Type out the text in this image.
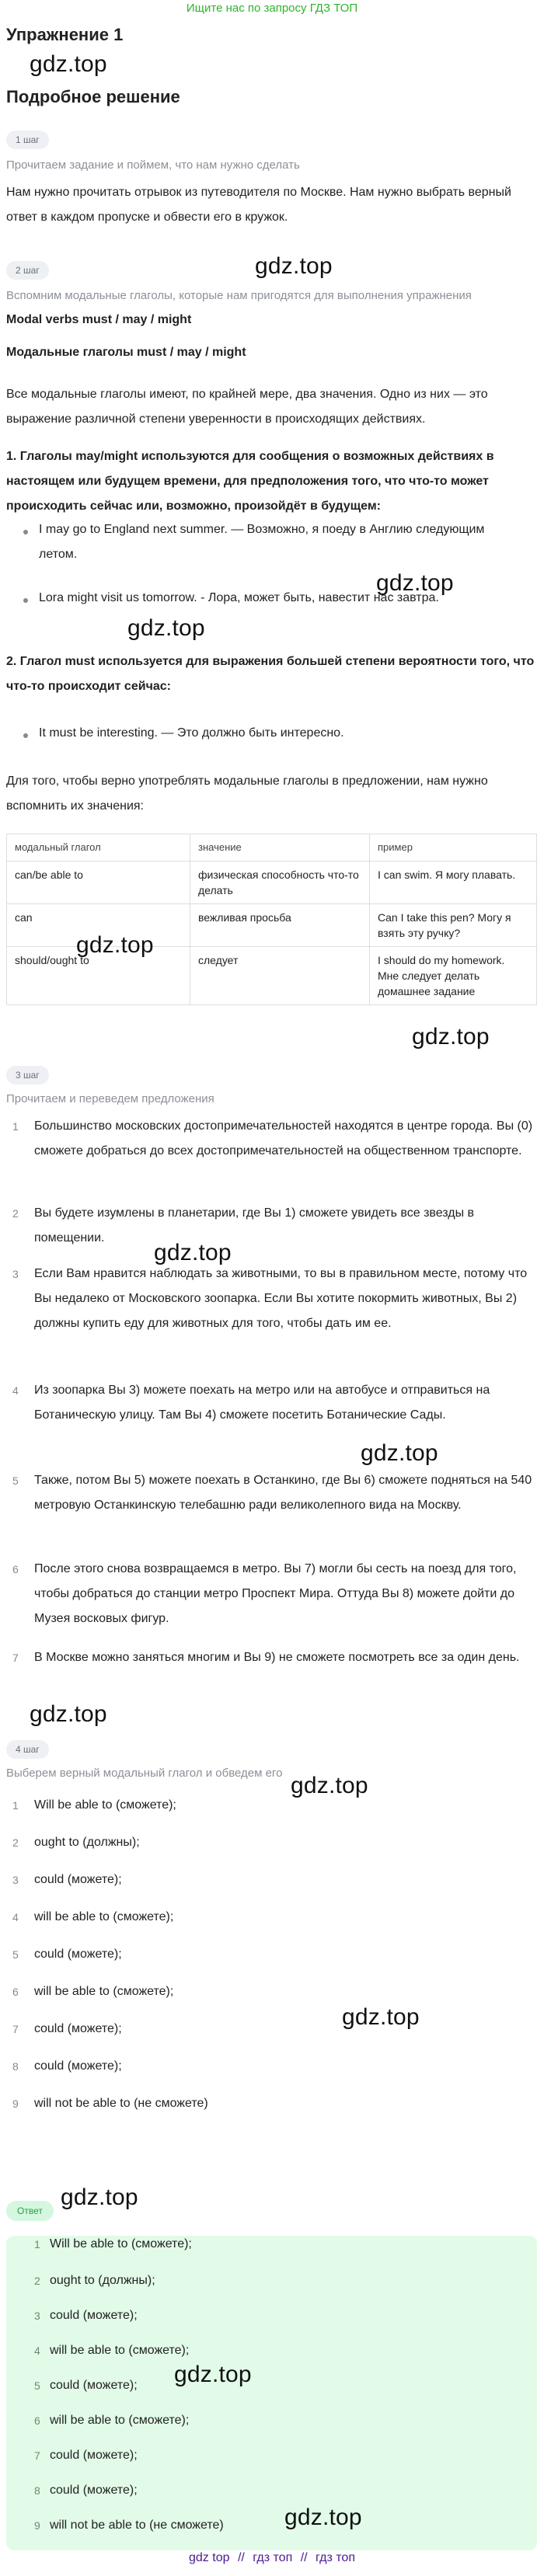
Ищите нас по запросу ГДЗ ТОП
Упражнение 1
gdz.top
Подробное решение
1 шаг
Прочитаем задание и поймем, что нам нужно сделать
Нам нужно прочитать отрывок из путеводителя по Москве. Нам нужно выбрать верный ответ в каждом пропуске и обвести его в кружок.
2 шаг	gdz.top
Вспомним модальные глаголы, которые нам пригодятся для выполнения упражнения
Modal verbs must / may / might
Модальные глаголы must / may / might
Все модальные глаголы имеют, по крайней мере, два значения. Одно из них — это выражение различной степени уверенности в происходящих действиях.
1. Глаголы may/might используются для сообщения о возможных действиях в настоящем или будущем времени, для предположения того, что что-то может происходить сейчас или, возможно, произойдёт в будущем:
I may go to England next summer. — Возможно, я поеду в Англию следующим летом.
gdz.top
Lora might visit us tomorrow. - Лора, может быть, навестит нас завтра.
gdz.top
2. Глагол must используется для выражения большей степени вероятности того, что что-то происходит сейчас:
It must be interesting. — Это должно быть интересно.
Для того, чтобы верно употреблять модальные глаголы в предложении, нам нужно вспомнить их значения:
модальный глагол	значение	пример
can/be able to	физическая способность что-то делать	I can swim. Я могу плавать.
can	вежливая просьба	Can I take this pen? Могу я взять эту ручку?
should/ought to	следует	I should do my homework. Мне следует делать домашнее задание
gdz.top
gdz.top
3 шаг
Прочитаем и переведем предложения
1 Большинство московских достопримечательностей находятся в центре города. Вы (0) сможете добраться до всех достопримечательностей на общественном транспорте.
2 Вы будете изумлены в планетарии, где Вы 1) сможете увидеть все звезды в помещении.
gdz.top
3 Если Вам нравится наблюдать за животными, то вы в правильном месте, потому что Вы недалеко от Московского зоопарка. Если Вы хотите покормить животных, Вы 2) должны купить еду для животных для того, чтобы дать им ее.
4 Из зоопарка Вы 3) можете поехать на метро или на автобусе и отправиться на Ботаническую улицу. Там Вы 4) сможете посетить Ботанические Сады.
gdz.top
5 Также, потом Вы 5) можете поехать в Останкино, где Вы 6) сможете подняться на 540 метровую Останкинскую телебашню ради великолепного вида на Москву.
6 После этого снова возвращаемся в метро. Вы 7) могли бы сесть на поезд для того, чтобы добраться до станции метро Проспект Мира. Оттуда Вы 8) можете дойти до Музея восковых фигур.
7 В Москве можно заняться многим и Вы 9) не сможете посмотреть все за один день.
gdz.top
4 шаг
Выберем верный модальный глагол и обведем его gdz.top
1 Will be able to (сможете);
2 ought to (должны);
3 could (можете);
4 will be able to (сможете);
5 could (можете);
6 will be able to (сможете);
gdz.top
7 could (можете);
8 could (можете);
9 will not be able to (не сможете)
Ответ
gdz.top
1 Will be able to (сможете);
2 ought to (должны);
3 could (можете);
4 will be able to (сможете);
5 could (можете);	gdz.top
6 will be able to (сможете);
7 could (можете);
8 could (можете);
9 will not be able to (не сможете)	gdz.top
gdz top // гдз топ // гдз топ
